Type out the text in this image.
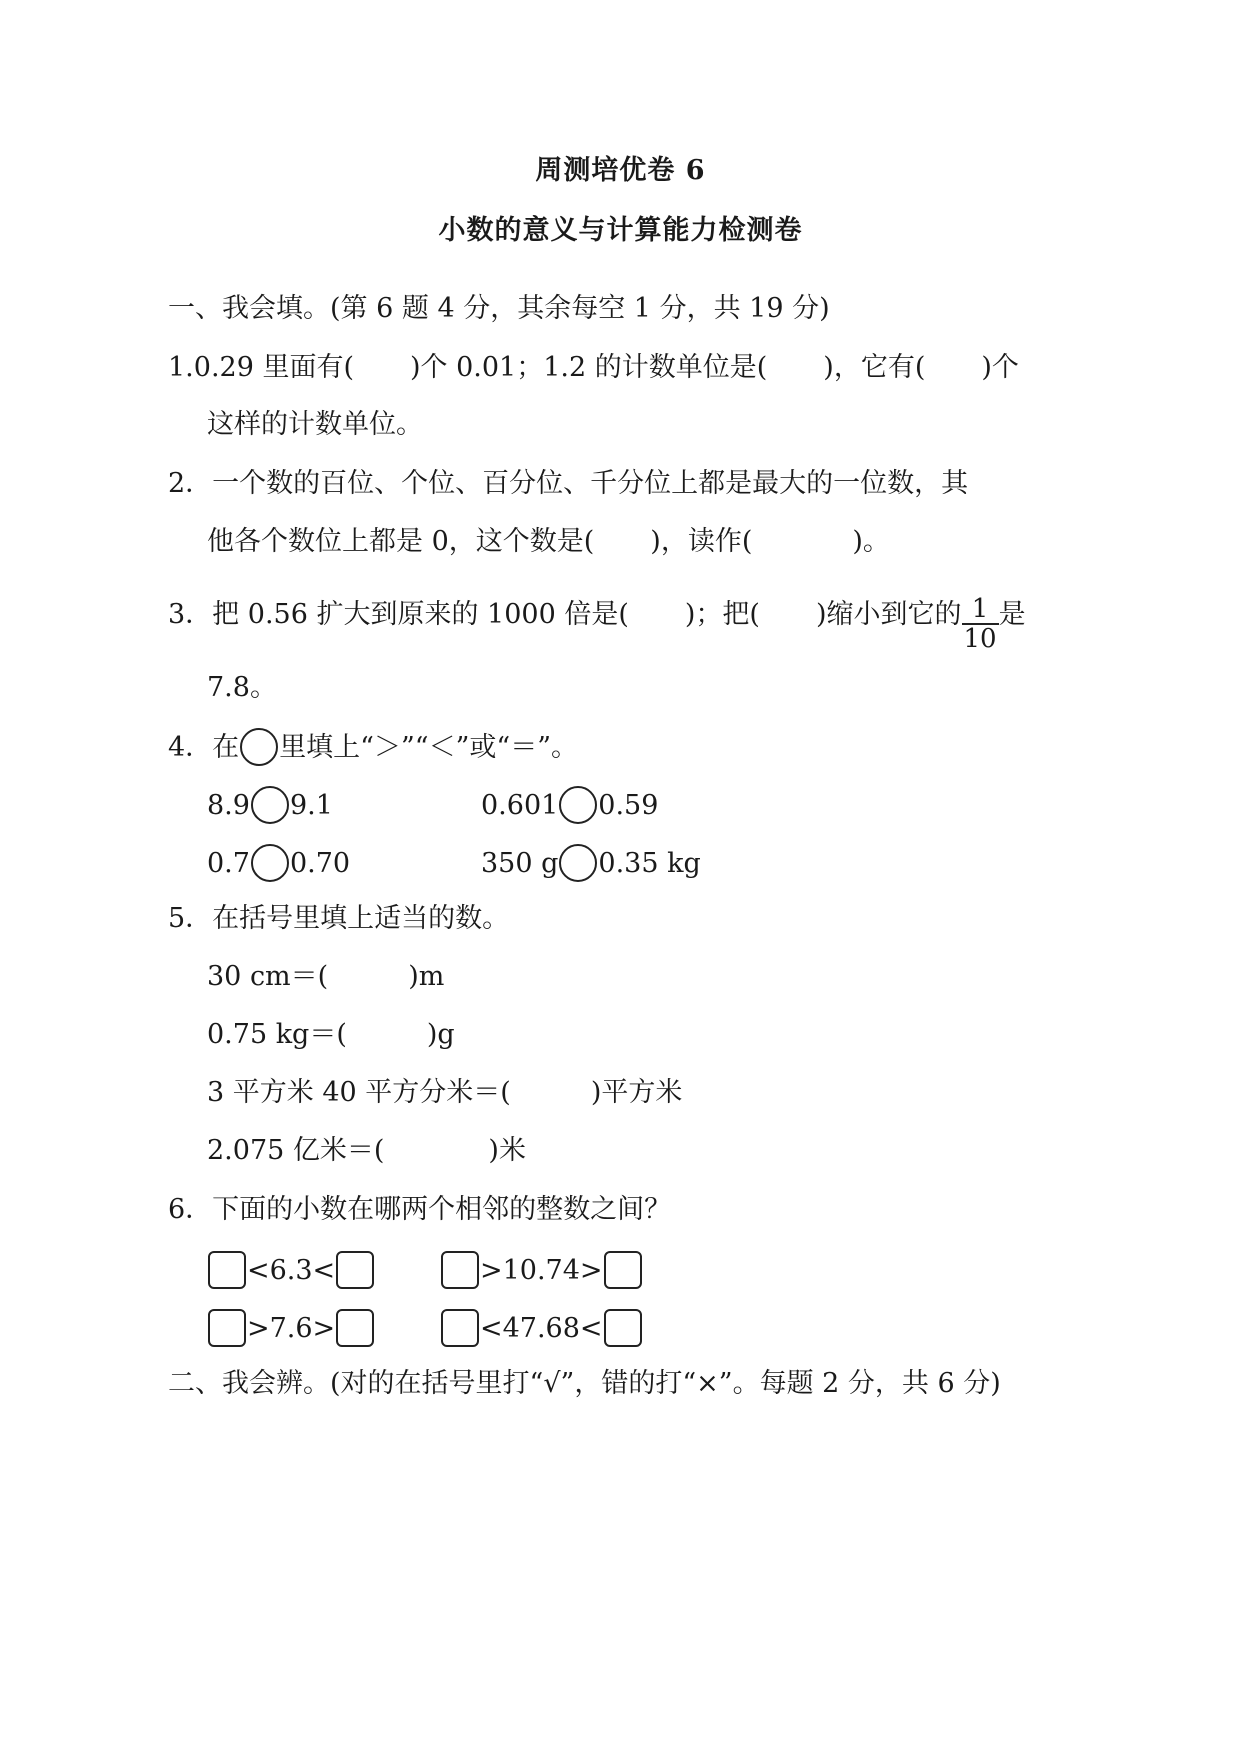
周测培优卷 6
小数的意义与计算能力检测卷
一、我会填。(第 6 题 4 分，其余每空 1 分，共 19 分)
1.0.29 里面有( )个 0.01；1.2 的计数单位是( )，它有( )个
这样的计数单位。
2．一个数的百位、个位、百分位、千分位上都是最大的一位数，其
他各个数位上都是 0，这个数是( )，读作(	)。
3．把 0.56 扩大到原来的 1000 倍是( )；把( )缩小到它的 $\frac{1}{10}$ 是
7.8。
4．在 里填上“＞”“＜”或“＝”。
8.9 9.1	0.601 0.59
0.7 0.70	350 g 0.35 kg
5．在括号里填上适当的数。
30 cm＝(	)m
0.75 kg＝(	)g
3 平方米 40 平方分米＝(	)平方米
2.075 亿米＝(	)米
6．下面的小数在哪两个相邻的整数之间？
<6.3<	>10.74>
>7.6>	<47.68<
二、我会辨。(对的在括号里打“√”，错的打“×”。每题 2 分，共 6 分)
